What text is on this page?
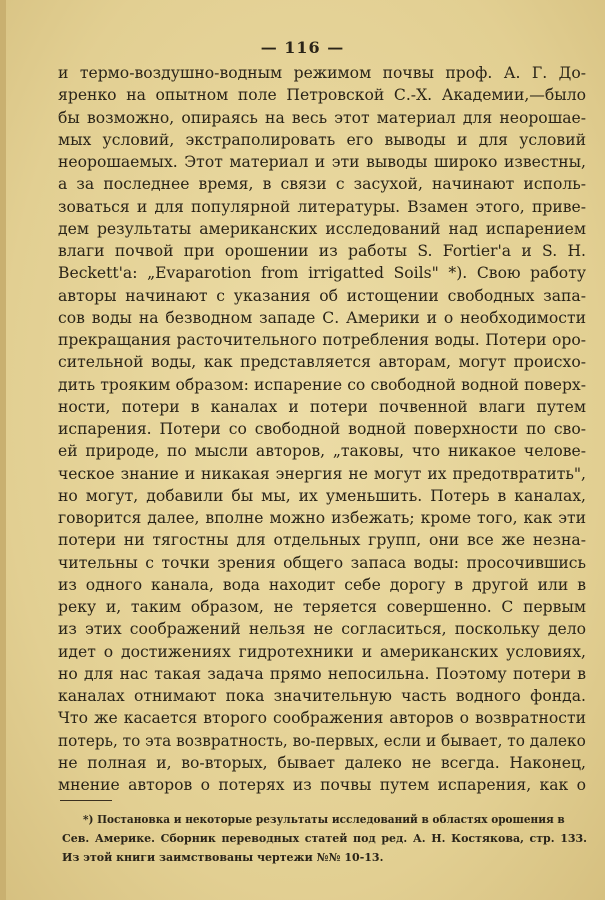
— 116 —
и термо-воздушно-водным режимом почвы проф. А. Г. До-
яренко на опытном поле Петровской С.-Х. Академии,—было
бы возможно, опираясь на весь этот материал для неорошае-
мых условий, экстраполировать его выводы и для условий
неорошаемых. Этот материал и эти выводы широко известны,
а за последнее время, в связи с засухой, начинают исполь-
зоваться и для популярной литературы. Взамен этого, приве-
дем результаты американских исследований над испарением
влаги почвой при орошении из работы S. Fortier'a и S. H.
Beckett'a: „Evaparotion from irrigatted Soils" *). Свою работу
авторы начинают с указания об истощении свободных запа-
сов воды на безводном западе С. Америки и о необходимости
прекращания расточительного потребления воды. Потери оро-
сительной воды, как представляется авторам, могут происхо-
дить трояким образом: испарение со свободной водной поверх-
ности, потери в каналах и потери почвенной влаги путем
испарения. Потери со свободной водной поверхности по сво-
ей природе, по мысли авторов, „таковы, что никакое челове-
ческое знание и никакая энергия не могут их предотвратить",
но могут, добавили бы мы, их уменьшить. Потерь в каналах,
говорится далее, вполне можно избежать; кроме того, как эти
потери ни тягостны для отдельных групп, они все же незна-
чительны с точки зрения общего запаса воды: просочившись
из одного канала, вода находит себе дорогу в другой или в
реку и, таким образом, не теряется совершенно. С первым
из этих соображений нельзя не согласиться, поскольку дело
идет о достижениях гидротехники и американских условиях,
но для нас такая задача прямо непосильна. Поэтому потери в
каналах отнимают пока значительную часть водного фонда.
Что же касается второго соображения авторов о возвратности
потерь, то эта возвратность, во-первых, если и бывает, то далеко
не полная и, во-вторых, бывает далеко не всегда. Наконец,
мнение авторов о потерях из почвы путем испарения, как о
*) Постановка и некоторые результаты исследований в областях орошения в
Сев. Америке. Сборник переводных статей под ред. А. Н. Костякова, стр. 133.
Из этой книги заимствованы чертежи №№ 10-13.
